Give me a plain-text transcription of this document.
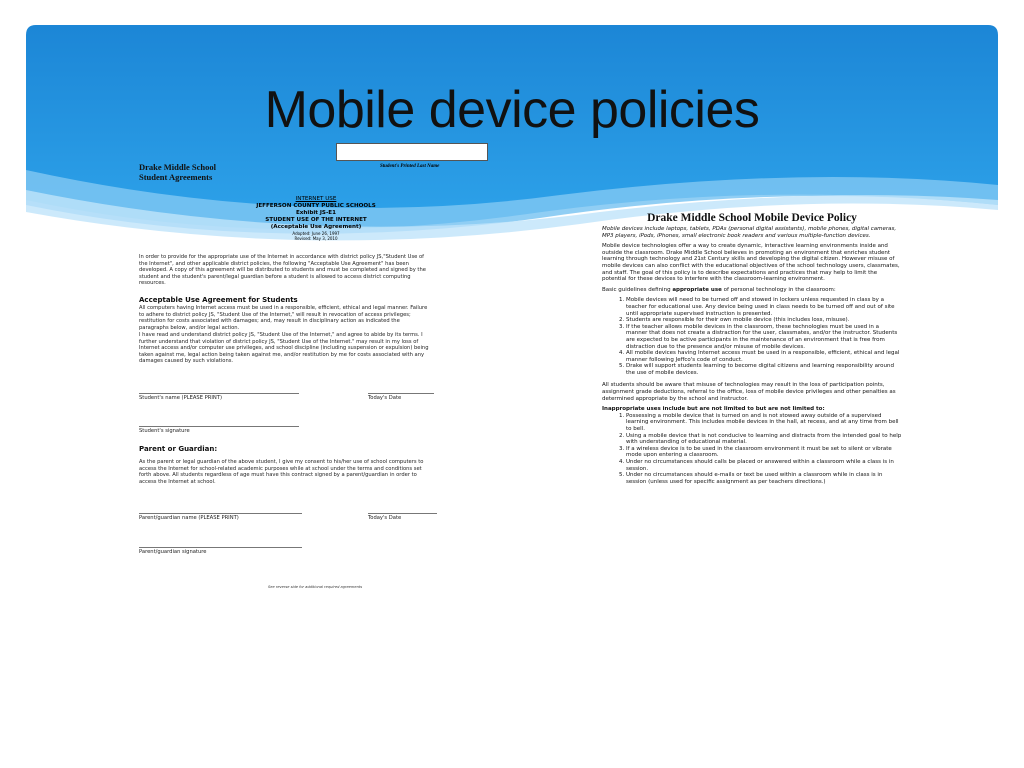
Mobile device policies
Drake Middle School
Student Agreements
Student's Printed Last Name
INTERNET USE
JEFFERSON COUNTY PUBLIC SCHOOLS
Exhibit JS-E1
STUDENT USE OF THE INTERNET
(Acceptable Use Agreement)
Adopted: June 26, 1997
Revised: May 3, 2010
In order to provide for the appropriate use of the Internet in accordance with district policy JS,"Student Use of the Internet", and other applicable district policies, the following "Acceptable Use Agreement" has been developed. A copy of this agreement will be distributed to students and must be completed and signed by the student and the student's parent/legal guardian before a student is allowed to access district computing resources.
Acceptable Use Agreement for Students
All computers having Internet access must be used in a responsible, efficient, ethical and legal manner. Failure to adhere to district policy JS, "Student Use of the Internet," will result in revocation of access privileges; restitution for costs associated with damages; and, may result in disciplinary action as indicated the paragraphs below, and/or legal action.
I have read and understand district policy JS, "Student Use of the Internet," and agree to abide by its terms. I further understand that violation of district policy JS, "Student Use of the Internet." may result in my loss of Internet access and/or computer use privileges, and school discipline (including suspension or expulsion) being taken against me, legal action being taken against me, and/or restitution by me for costs associated with any damages caused by such violations.
Student's name (PLEASE PRINT)	Today's Date
Student's signature
Parent or Guardian:
As the parent or legal guardian of the above student, I give my consent to his/her use of school computers to access the Internet for school-related academic purposes while at school under the terms and conditions set forth above. All students regardless of age must have this contract signed by a parent/guardian in order to access the Internet at school.
Parent/guardian name (PLEASE PRINT)	Today's Date
Parent/guardian signature
See reverse side for additional required agreements
Drake Middle School Mobile Device Policy

Mobile devices include laptops, tablets, PDAs (personal digital assistants), mobile phones, digital cameras, MP3 players, iPods, iPhones, small electronic book readers and various multiple-function devices.

Mobile device technologies offer a way to create dynamic, interactive learning environments inside and outside the classroom. Drake Middle School believes in promoting an environment that enriches student learning through technology and 21st Century skills and developing the digital citizen. However misuse of mobile devices can also conflict with the educational objectives of the school technology users, classmates, and staff. The goal of this policy is to describe expectations and practices that may help to limit the potential for these devices to interfere with the classroom-learning environment.

Basic guidelines defining appropriate use of personal technology in the classroom:

1. Mobile devices will need to be turned off and stowed in lockers unless requested in class by a teacher for educational use. Any device being used in class needs to be turned off and out of site until appropriate supervised instruction is presented.
2. Students are responsible for their own mobile device (this includes loss, misuse).
3. If the teacher allows mobile devices in the classroom, these technologies must be used in a manner that does not create a distraction for the user, classmates, and/or the instructor. Students are expected to be active participants in the maintenance of an environment that is free from distraction due to the presence and/or misuse of mobile devices.
4. All mobile devices having Internet access must be used in a responsible, efficient, ethical and legal manner following Jeffco's code of conduct.
5. Drake will support students learning to become digital citizens and learning responsibility around the use of mobile devices.

All students should be aware that misuse of technologies may result in the loss of participation points, assignment grade deductions, referral to the office, loss of mobile device privileges and other penalties as determined appropriate by the school and instructor.

Inappropriate uses include but are not limited to but are not limited to:

1. Possessing a mobile device that is turned on and is not stowed away outside of a supervised learning environment. This includes mobile devices in the hall, at recess, and at any time from bell to bell.
2. Using a mobile device that is not conducive to learning and distracts from the intended goal to help with understanding of educational material.
3. If a wireless device is to be used in the classroom environment it must be set to silent or vibrate mode upon entering a classroom.
4. Under no circumstances should calls be placed or answered within a classroom while a class is in session.
5. Under no circumstances should e-mails or text be used within a classroom while in class is in session (unless used for specific assignment as per teachers directions.)
